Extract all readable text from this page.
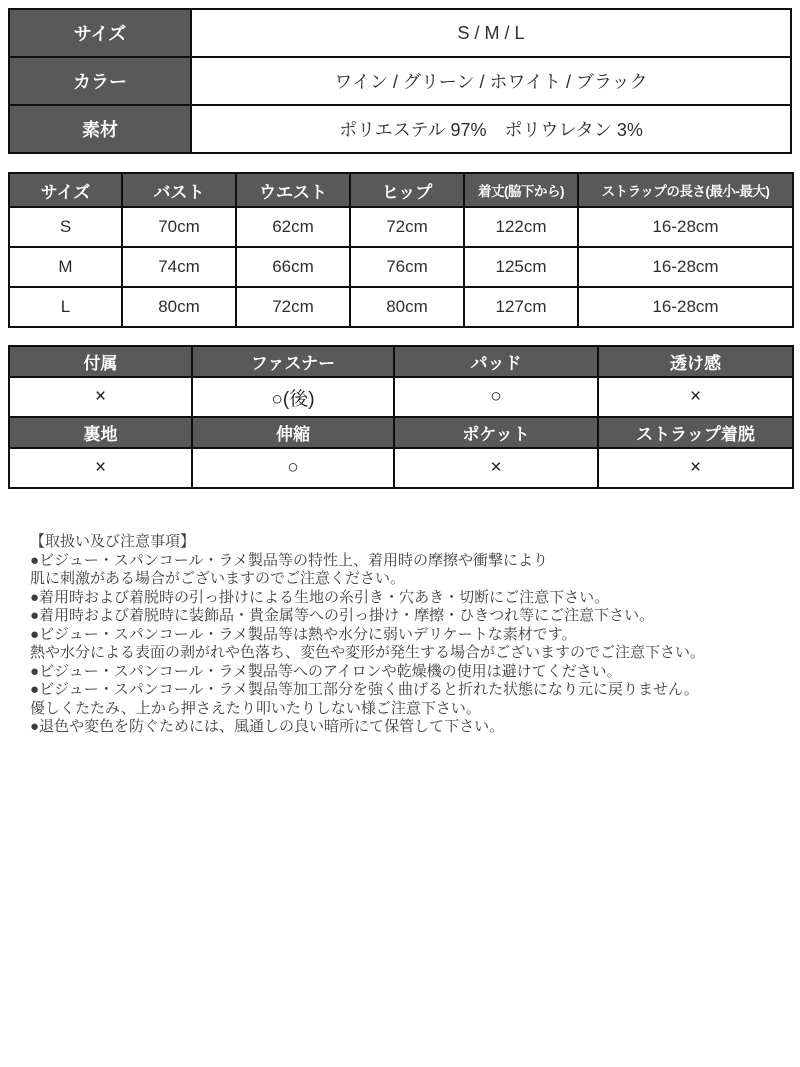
サイズ	S / M / L
カラー	ワイン / グリーン / ホワイト / ブラック
素材	ポリエステル 97%　ポリウレタン 3%
サイズ	バスト	ウエスト	ヒップ	着丈(脇下から)	ストラップの長さ(最小-最大)
S	70cm	62cm	72cm	122cm	16-28cm
M	74cm	66cm	76cm	125cm	16-28cm
L	80cm	72cm	80cm	127cm	16-28cm
付属	ファスナー	パッド	透け感
×	○(後)	○	×
裏地	伸縮	ポケット	ストラップ着脱
×	○	×	×
【取扱い及び注意事項】
●ビジュー・スパンコール・ラメ製品等の特性上、着用時の摩擦や衝撃により
肌に刺激がある場合がございますのでご注意ください。
●着用時および着脱時の引っ掛けによる生地の糸引き・穴あき・切断にご注意下さい。
●着用時および着脱時に装飾品・貴金属等への引っ掛け・摩擦・ひきつれ等にご注意下さい。
●ビジュー・スパンコール・ラメ製品等は熱や水分に弱いデリケートな素材です。
熱や水分による表面の剥がれや色落ち、変色や変形が発生する場合がございますのでご注意下さい。
●ビジュー・スパンコール・ラメ製品等へのアイロンや乾燥機の使用は避けてください。
●ビジュー・スパンコール・ラメ製品等加工部分を強く曲げると折れた状態になり元に戻りません。
優しくたたみ、上から押さえたり叩いたりしない様ご注意下さい。
●退色や変色を防ぐためには、風通しの良い暗所にて保管して下さい。
